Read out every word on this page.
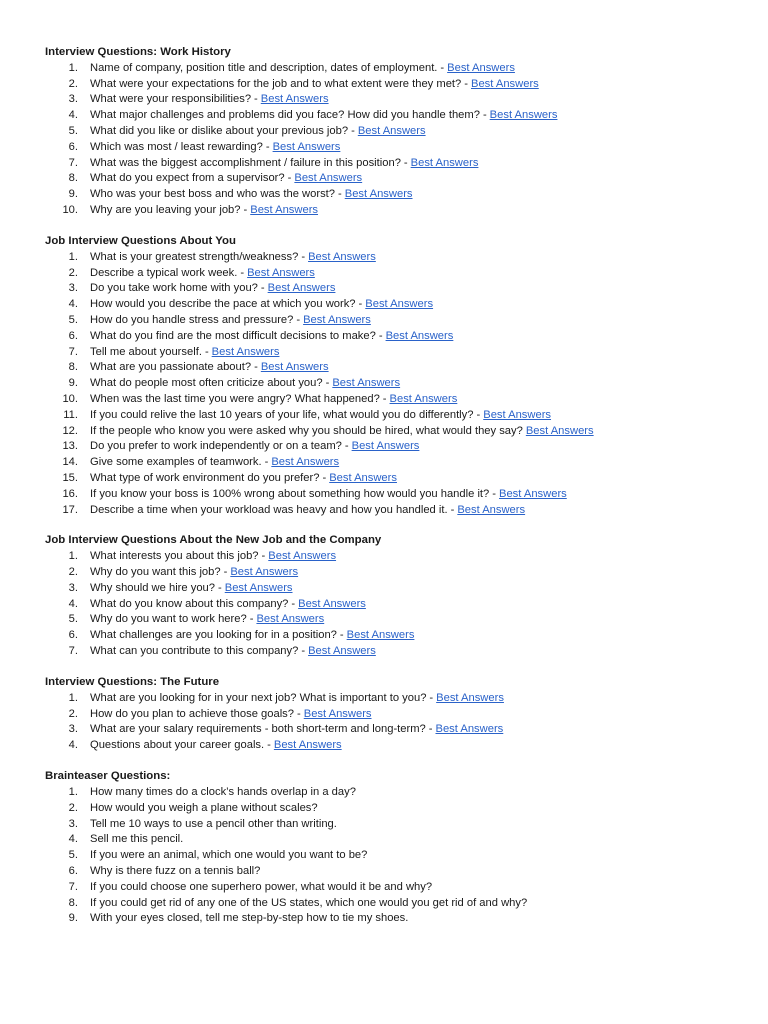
Interview Questions: Work History
1. Name of company, position title and description, dates of employment. - Best Answers
2. What were your expectations for the job and to what extent were they met? - Best Answers
3. What were your responsibilities? - Best Answers
4. What major challenges and problems did you face? How did you handle them? - Best Answers
5. What did you like or dislike about your previous job? - Best Answers
6. Which was most / least rewarding? - Best Answers
7. What was the biggest accomplishment / failure in this position? - Best Answers
8. What do you expect from a supervisor? - Best Answers
9. Who was your best boss and who was the worst? - Best Answers
10. Why are you leaving your job? - Best Answers
Job Interview Questions About You
1. What is your greatest strength/weakness? - Best Answers
2. Describe a typical work week. - Best Answers
3. Do you take work home with you? - Best Answers
4. How would you describe the pace at which you work? - Best Answers
5. How do you handle stress and pressure? - Best Answers
6. What do you find are the most difficult decisions to make? - Best Answers
7. Tell me about yourself. - Best Answers
8. What are you passionate about? - Best Answers
9. What do people most often criticize about you? - Best Answers
10. When was the last time you were angry? What happened? - Best Answers
11. If you could relive the last 10 years of your life, what would you do differently? - Best Answers
12. If the people who know you were asked why you should be hired, what would they say? Best Answers
13. Do you prefer to work independently or on a team? - Best Answers
14. Give some examples of teamwork. - Best Answers
15. What type of work environment do you prefer? - Best Answers
16. If you know your boss is 100% wrong about something how would you handle it? - Best Answers
17. Describe a time when your workload was heavy and how you handled it. - Best Answers
Job Interview Questions About the New Job and the Company
1. What interests you about this job? - Best Answers
2. Why do you want this job? - Best Answers
3. Why should we hire you? - Best Answers
4. What do you know about this company? - Best Answers
5. Why do you want to work here? - Best Answers
6. What challenges are you looking for in a position? - Best Answers
7. What can you contribute to this company? - Best Answers
Interview Questions: The Future
1. What are you looking for in your next job? What is important to you? - Best Answers
2. How do you plan to achieve those goals? - Best Answers
3. What are your salary requirements - both short-term and long-term? - Best Answers
4. Questions about your career goals. - Best Answers
Brainteaser Questions:
1. How many times do a clock’s hands overlap in a day?
2. How would you weigh a plane without scales?
3. Tell me 10 ways to use a pencil other than writing.
4. Sell me this pencil.
5. If you were an animal, which one would you want to be?
6. Why is there fuzz on a tennis ball?
7. If you could choose one superhero power, what would it be and why?
8. If you could get rid of any one of the US states, which one would you get rid of and why?
9. With your eyes closed, tell me step-by-step how to tie my shoes.
